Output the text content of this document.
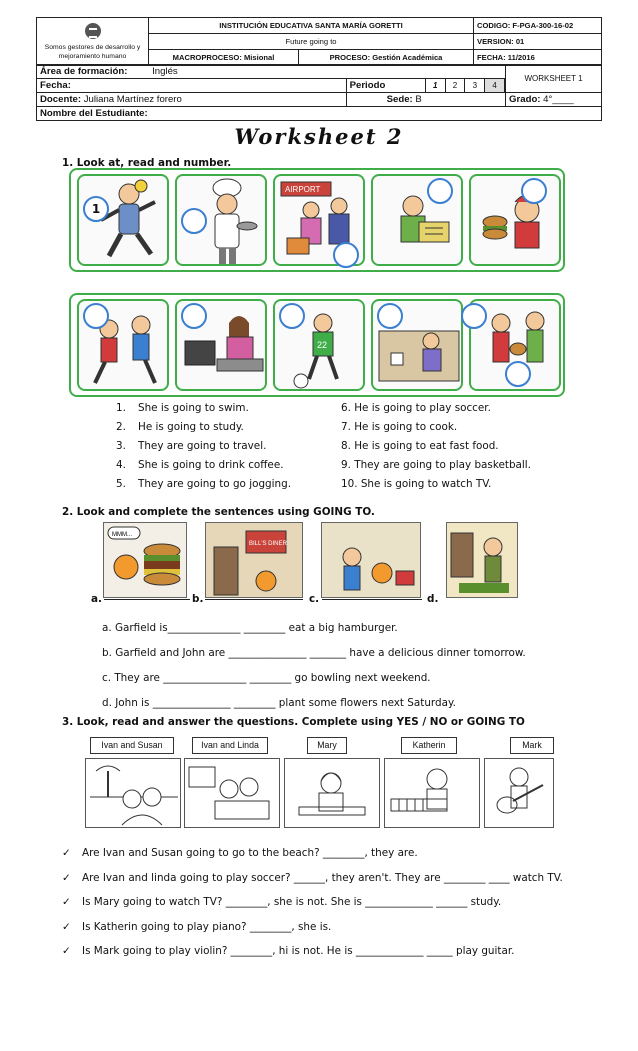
Somos gestores de desarrollo y mejoramiento humano	INSTITUCIÓN EDUCATIVA SANTA MARÍA GORETTI		CODIGO: F-PGA-300-16-02
	Future going to		VERSION: 01
	MACROPROCESO: Misional	PROCESO: Gestión Académica	FECHA: 11/2016
Área de formación: Inglés						WORKSHEET 1
Fecha:	Periodo	1	2	3	4	
Docente: Juliana Martínez forero	Sede: B					Grado: 4°____
Nombre del Estudiante:						
Worksheet 2
1. Look at, read and number.
1
AIRPORT
22
1. She is going to swim.
2. He is going to study.
3. They are going to travel.
4. She is going to drink coffee.
5. They are going to go jogging.
6. He is going to play soccer.
7. He is going to cook.
8. He is going to eat fast food.
9. They are going to play basketball.
10. She is going to watch TV.
2. Look and complete the sentences using GOING TO.
MMM...
BILL'S DINER
a.	b.	c.	d.
a. Garfield is______________ ________ eat a big hamburger.
b. Garfield and John are _______________ _______ have a delicious dinner tomorrow.
c. They are ________________ ________ go bowling next weekend.
d. John is _______________ ________ plant some flowers next Saturday.
3. Look, read and answer the questions. Complete using YES / NO or GOING TO
Ivan and Susan	Ivan and Linda	Mary	Katherin	Mark
✓ Are Ivan and Susan going to go to the beach? ________, they are.
✓ Are Ivan and linda going to play soccer? ______, they aren't. They are ________ ____ watch TV.
✓ Is Mary going to watch TV? ________, she is not. She is _____________ ______ study.
✓ Is Katherin going to play piano? ________, she is.
✓ Is Mark going to play violin? ________, hi is not. He is _____________ _____ play guitar.
